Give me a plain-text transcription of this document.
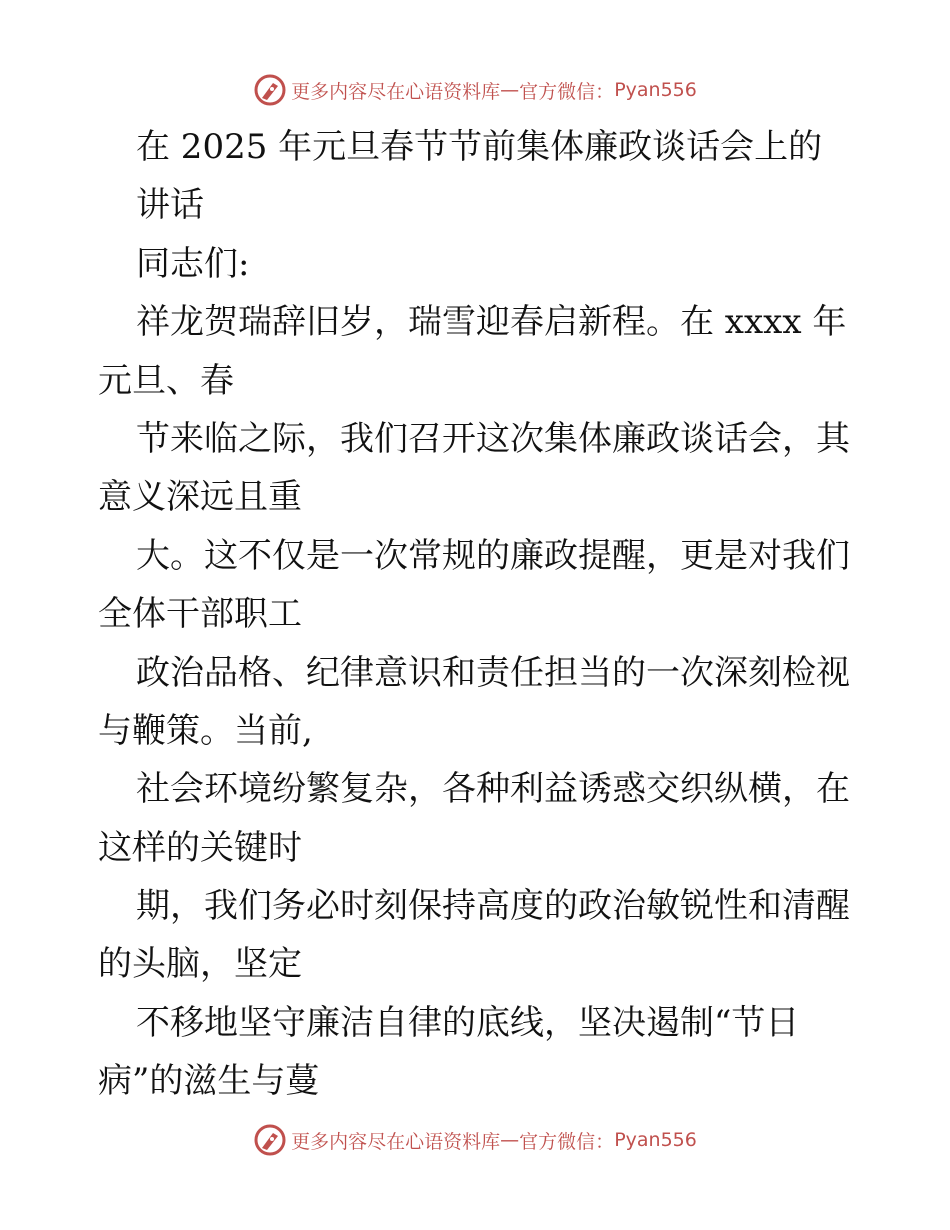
更多内容尽在心语资料库 — 官方微信： Pyan556
在 2025 年元旦春节节前集体廉政谈话会上的
讲话
同志们:
祥龙贺瑞辞旧岁，瑞雪迎春启新程。在 xxxx 年
元旦、春
节来临之际，我们召开这次集体廉政谈话会，其
意义深远且重
大。这不仅是一次常规的廉政提醒，更是对我们
全体干部职工
政治品格、纪律意识和责任担当的一次深刻检视
与鞭策。当前,
社会环境纷繁复杂，各种利益诱惑交织纵横，在
这样的关键时
期，我们务必时刻保持高度的政治敏锐性和清醒
的头脑，坚定
不移地坚守廉洁自律的底线，坚决遏制“节日
病”的滋生与蔓
更多内容尽在心语资料库 — 官方微信： Pyan556
